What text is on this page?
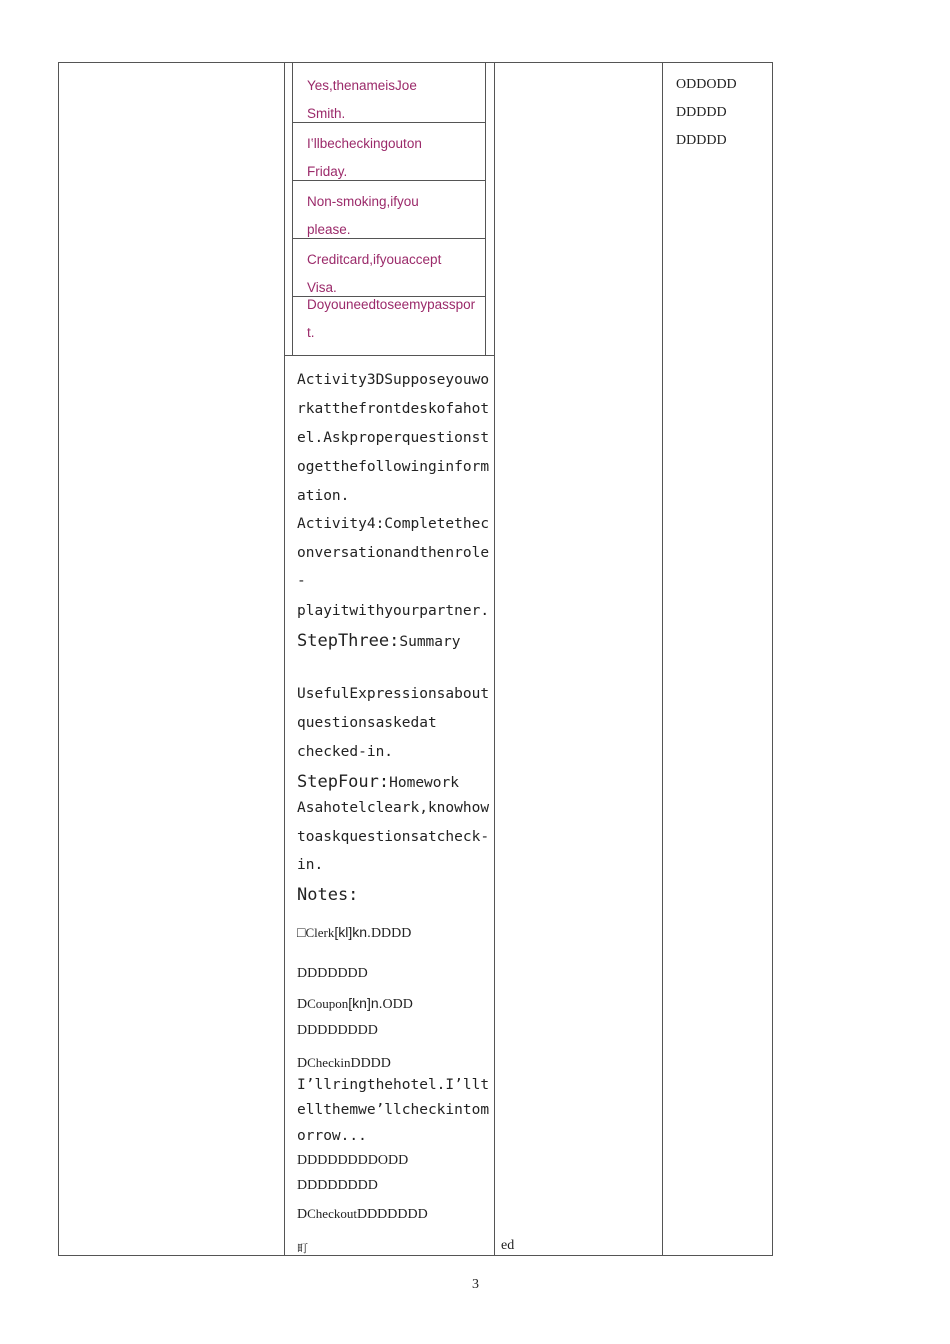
Yes,thenameisJoe
Smith.
I‛llbecheckingouton
Friday.
Non-smoking,ifyou
please.
Creditcard,ifyouaccept
Visa.
Doyouneedtoseemypasspor
t.
ODDODD
DDDDD
DDDDD
Activity3DSupposeyouwo
rkatthefrontdeskofahot
el.Askproperquestionst
ogetthefollowinginform
ation.
Activity4:Completethec
onversationandthenrole
-
playitwithyourpartner.
StepThree:Summary
UsefulExpressionsabout
questionsaskedat
checked-in.
StepFour:Homework
Asahotelcleark,knowhow
toaskquestionsatcheck-
in.
Notes:
□Clerk[kl]kn.DDDD
DDDDDDD
DCoupon[kn]n.ODD
DDDDDDDD
DCheckinDDDD
I’llringthehotel.I’llt
ellthemwe’llcheckintom
orrow...
DDDDDDDDODD
DDDDDDDD
DCheckoutDDDDDDD
町	ed
3
